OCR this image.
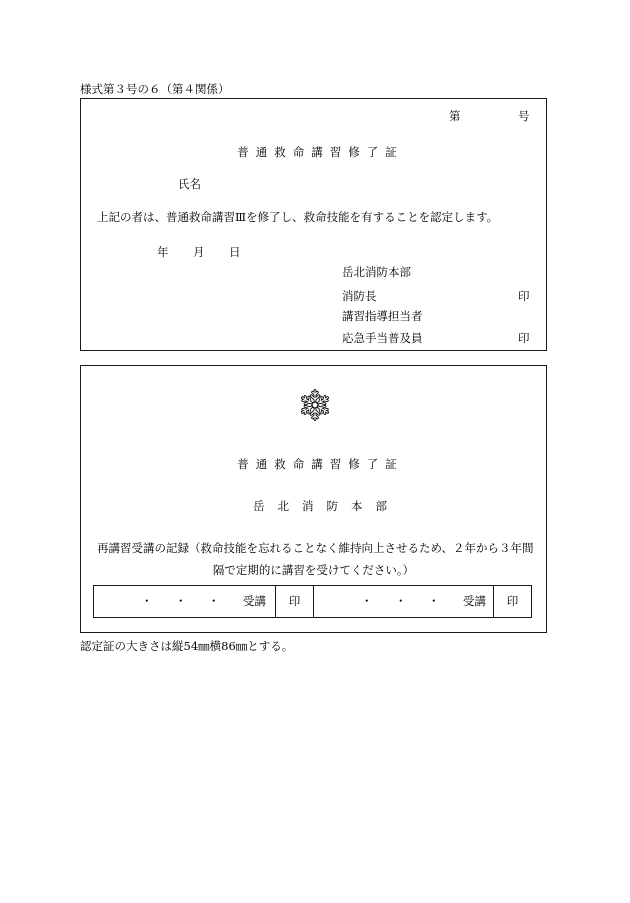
様式第３号の６（第４関係）
第	号
普通救命講習修了証
氏名
上記の者は、普通救命講習Ⅲを修了し、救命技能を有することを認定します。
年 月 日
岳北消防本部
消防長	印
講習指導担当者
応急手当普及員	印
普通救命講習修了証
岳北消防本部
再講習受講の記録（救命技能を忘れることなく維持向上させるため、２年から３年間
隔で定期的に講習を受けてください。）
・ ・ ・ 受講	印	・ ・ ・ 受講	印
認定証の大きさは縦54㎜横86㎜とする。
